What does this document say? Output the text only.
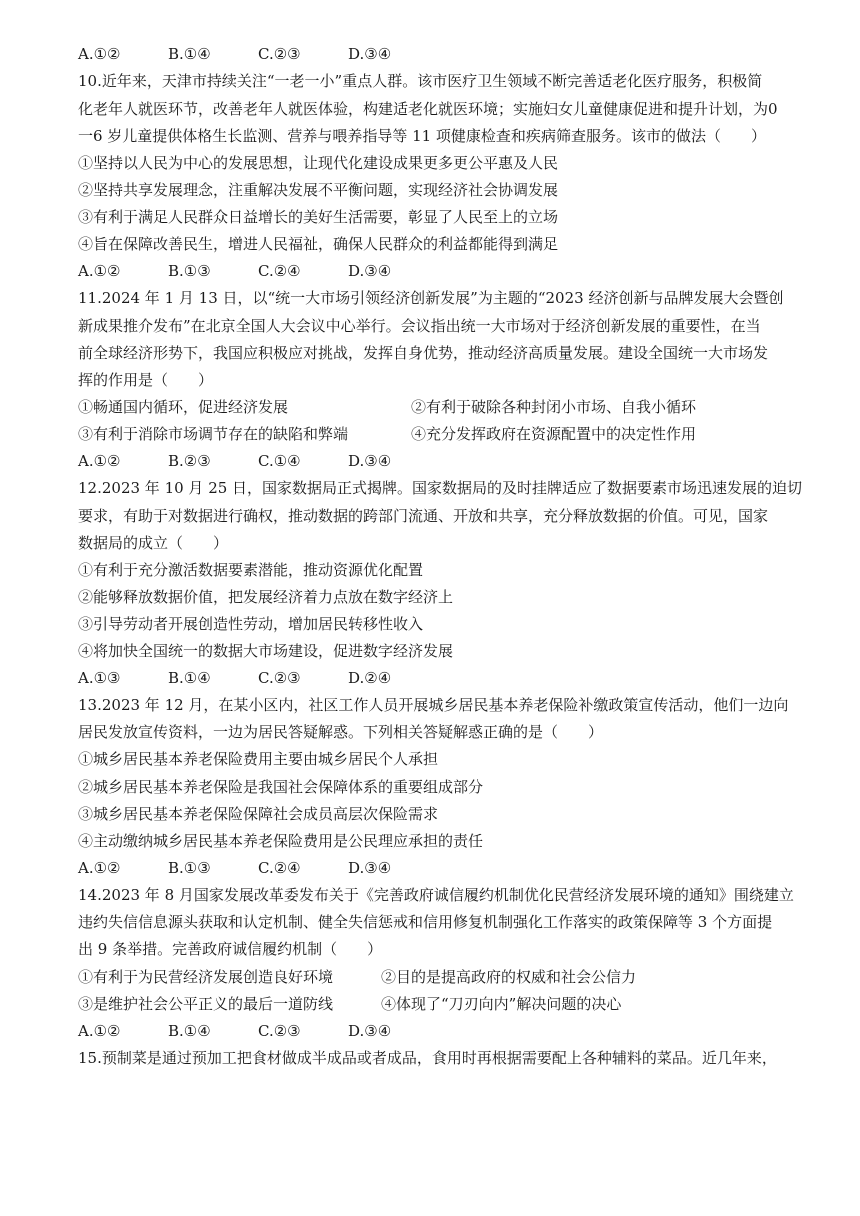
A.①②	B.①④	C.②③	D.③④
10.近年来，天津市持续关注“一老一小”重点人群。该市医疗卫生领域不断完善适老化医疗服务，积极简
化老年人就医环节，改善老年人就医体验，构建适老化就医环境；实施妇女儿童健康促进和提升计划，为0
一6 岁儿童提供体格生长监测、营养与喂养指导等 11 项健康检查和疾病筛查服务。该市的做法（　　）
①坚持以人民为中心的发展思想，让现代化建设成果更多更公平惠及人民
②坚持共享发展理念，注重解决发展不平衡问题，实现经济社会协调发展
③有利于满足人民群众日益增长的美好生活需要，彰显了人民至上的立场
④旨在保障改善民生，增进人民福祉，确保人民群众的利益都能得到满足
A.①②	B.①③	C.②④	D.③④
11.2024 年 1 月 13 日，以“统一大市场引领经济创新发展”为主题的“2023 经济创新与品牌发展大会暨创
新成果推介发布”在北京全国人大会议中心举行。会议指出统一大市场对于经济创新发展的重要性，在当
前全球经济形势下，我国应积极应对挑战，发挥自身优势，推动经济高质量发展。建设全国统一大市场发
挥的作用是（　　）
①畅通国内循环，促进经济发展	②有利于破除各种封闭小市场、自我小循环
③有利于消除市场调节存在的缺陷和弊端	④充分发挥政府在资源配置中的决定性作用
A.①②	B.②③	C.①④	D.③④
12.2023 年 10 月 25 日，国家数据局正式揭牌。国家数据局的及时挂牌适应了数据要素市场迅速发展的迫切
要求，有助于对数据进行确权，推动数据的跨部门流通、开放和共享，充分释放数据的价值。可见，国家
数据局的成立（　　）
①有利于充分激活数据要素潜能，推动资源优化配置
②能够释放数据价值，把发展经济着力点放在数字经济上
③引导劳动者开展创造性劳动，增加居民转移性收入
④将加快全国统一的数据大市场建设，促进数字经济发展
A.①③	B.①④	C.②③	D.②④
13.2023 年 12 月，在某小区内，社区工作人员开展城乡居民基本养老保险补缴政策宣传活动，他们一边向
居民发放宣传资料，一边为居民答疑解惑。下列相关答疑解惑正确的是（　　）
①城乡居民基本养老保险费用主要由城乡居民个人承担
②城乡居民基本养老保险是我国社会保障体系的重要组成部分
③城乡居民基本养老保险保障社会成员高层次保险需求
④主动缴纳城乡居民基本养老保险费用是公民理应承担的责任
A.①②	B.①③	C.②④	D.③④
14.2023 年 8 月国家发展改革委发布关于《完善政府诚信履约机制优化民营经济发展环境的通知》围绕建立
违约失信信息源头获取和认定机制、健全失信惩戒和信用修复机制强化工作落实的政策保障等 3 个方面提
出 9 条举措。完善政府诚信履约机制（　　）
①有利于为民营经济发展创造良好环境	②目的是提高政府的权威和社会公信力
③是维护社会公平正义的最后一道防线	④体现了“刀刃向内”解决问题的决心
A.①②	B.①④	C.②③	D.③④
15.预制菜是通过预加工把食材做成半成品或者成品，食用时再根据需要配上各种辅料的菜品。近几年来，
